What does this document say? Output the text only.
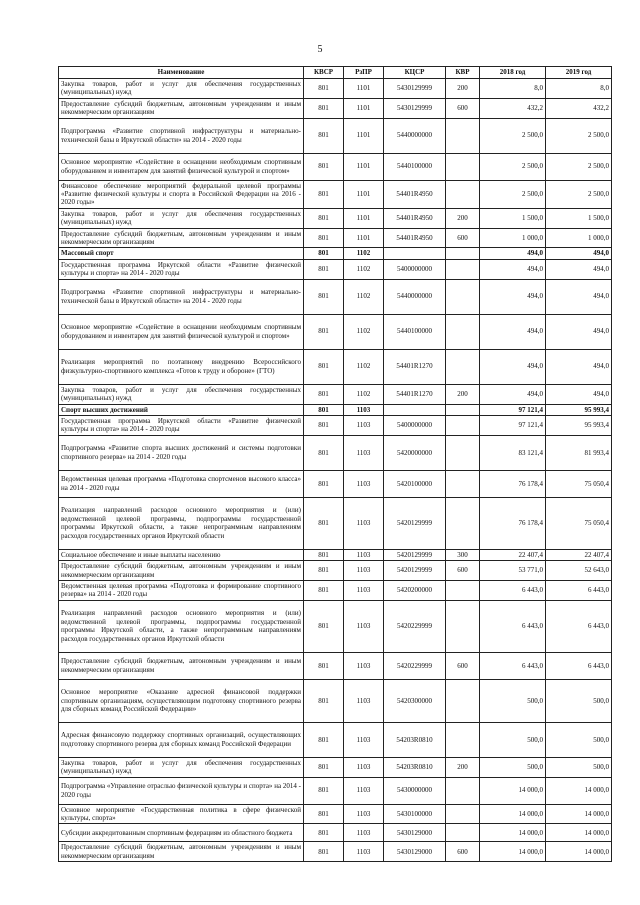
5
Наименование	КВСР	РзПР	КЦСР	КВР	2018 год	2019 год
Закупка товаров, работ и услуг для обеспечения государственных (муниципальных) нужд	801	1101	5430129999	200	8,0	8,0
Предоставление субсидий бюджетным, автономным учреждениям и иным некоммерческим организациям	801	1101	5430129999	600	432,2	432,2
Подпрограмма «Развитие спортивной инфраструктуры и материально- технической базы в Иркутской области» на 2014 - 2020 годы	801	1101	5440000000		2 500,0	2 500,0
Основное мероприятие «Содействие в оснащении необходимым спортивным оборудованием и инвентарем для занятий физической культурой и спортом»	801	1101	5440100000		2 500,0	2 500,0
Финансовое обеспечение мероприятий федеральной целевой программы «Развитие физической культуры и спорта в Российской Федерации на 2016 - 2020 годы»	801	1101	54401R4950		2 500,0	2 500,0
Закупка товаров, работ и услуг для обеспечения государственных (муниципальных) нужд	801	1101	54401R4950	200	1 500,0	1 500,0
Предоставление субсидий бюджетным, автономным учреждениям и иным некоммерческим организациям	801	1101	54401R4950	600	1 000,0	1 000,0
Массовый спорт	801	1102			494,0	494,0
Государственная программа Иркутской области «Развитие физической культуры и спорта» на 2014 - 2020 годы	801	1102	5400000000		494,0	494,0
Подпрограмма «Развитие спортивной инфраструктуры и материально- технической базы в Иркутской области» на 2014 - 2020 годы	801	1102	5440000000		494,0	494,0
Основное мероприятие «Содействие в оснащении необходимым спортивным оборудованием и инвентарем для занятий физической культурой и спортом»	801	1102	5440100000		494,0	494,0
Реализация мероприятий по поэтапному внедрению Всероссийского физкультурно-спортивного комплекса «Готов к труду и обороне» (ГТО)	801	1102	54401R1270		494,0	494,0
Закупка товаров, работ и услуг для обеспечения государственных (муниципальных) нужд	801	1102	54401R1270	200	494,0	494,0
Спорт высших достижений	801	1103			97 121,4	95 993,4
Государственная программа Иркутской области «Развитие физической культуры и спорта» на 2014 - 2020 годы	801	1103	5400000000		97 121,4	95 993,4
Подпрограмма «Развитие спорта высших достижений и системы подготовки спортивного резерва» на 2014 - 2020 годы	801	1103	5420000000		83 121,4	81 993,4
Ведомственная целевая программа «Подготовка спортсменов высокого класса» на 2014 - 2020 годы	801	1103	5420100000		76 178,4	75 050,4
Реализация направлений расходов основного мероприятия и (или) ведомственной целевой программы, подпрограммы государственной программы Иркутской области, а также непрограммным направлениям расходов государственных органов Иркутской области	801	1103	5420129999		76 178,4	75 050,4
Социальное обеспечение и иные выплаты населению	801	1103	5420129999	300	22 407,4	22 407,4
Предоставление субсидий бюджетным, автономным учреждениям и иным некоммерческим организациям	801	1103	5420129999	600	53 771,0	52 643,0
Ведомственная целевая программа «Подготовка и формирование спортивного резерва» на 2014 - 2020 годы	801	1103	5420200000		6 443,0	6 443,0
Реализация направлений расходов основного мероприятия и (или) ведомственной целевой программы, подпрограммы государственной программы Иркутской области, а также непрограммным направлениям расходов государственных органов Иркутской области	801	1103	5420229999		6 443,0	6 443,0
Предоставление субсидий бюджетным, автономным учреждениям и иным некоммерческим организациям	801	1103	5420229999	600	6 443,0	6 443,0
Основное мероприятие «Оказание адресной финансовой поддержки спортивным организациям, осуществляющим подготовку спортивного резерва для сборных команд Российской Федерации»	801	1103	5420300000		500,0	500,0
Адресная финансовую поддержку спортивных организаций, осуществляющих подготовку спортивного резерва для сборных команд Российской Федерации	801	1103	54203R0810		500,0	500,0
Закупка товаров, работ и услуг для обеспечения государственных (муниципальных) нужд	801	1103	54203R0810	200	500,0	500,0
Подпрограмма «Управление отраслью физической культуры и спорта» на 2014 - 2020 годы	801	1103	5430000000		14 000,0	14 000,0
Основное мероприятие «Государственная политика в сфере физической культуры, спорта»	801	1103	5430100000		14 000,0	14 000,0
Субсидии аккредитованным спортивным федерациям из областного бюджета	801	1103	5430129000		14 000,0	14 000,0
Предоставление субсидий бюджетным, автономным учреждениям и иным некоммерческим организациям	801	1103	5430129000	600	14 000,0	14 000,0
